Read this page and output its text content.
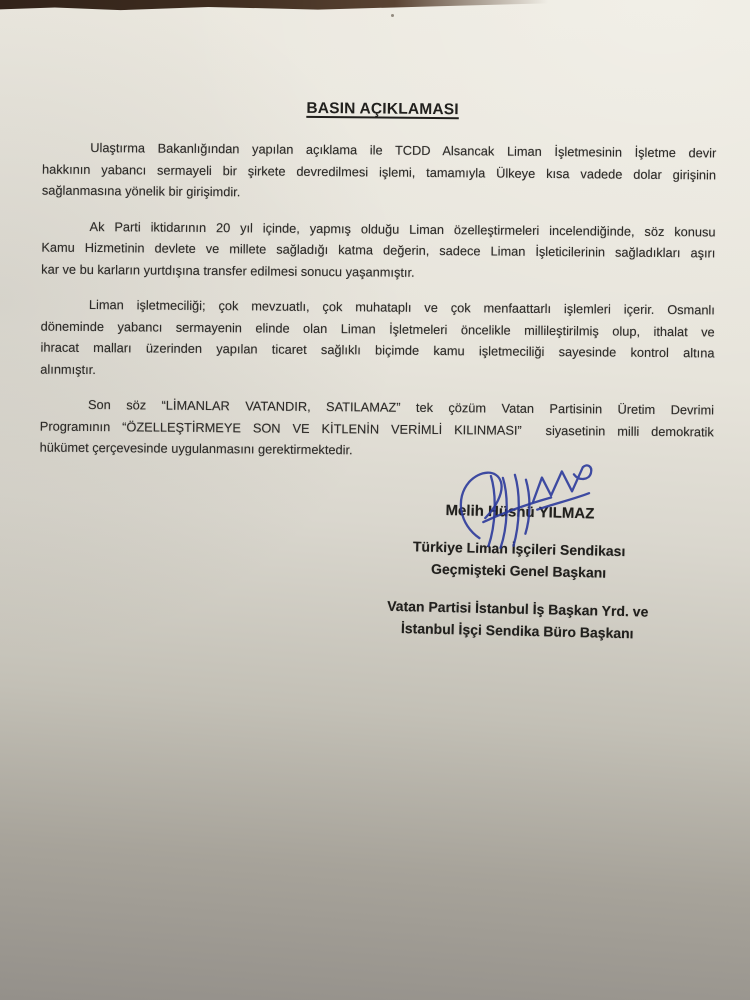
BASIN AÇIKLAMASI
Ulaştırma Bakanlığından yapılan açıklama ile TCDD Alsancak Liman İşletmesinin İşletme devir
hakkının yabancı sermayeli bir şirkete devredilmesi işlemi, tamamıyla Ülkeye kısa vadede dolar girişinin
sağlanmasına yönelik bir girişimdir.
Ak Parti iktidarının 20 yıl içinde, yapmış olduğu Liman özelleştirmeleri incelendiğinde, söz konusu
Kamu Hizmetinin devlete ve millete sağladığı katma değerin, sadece Liman İşleticilerinin sağladıkları aşırı
kar ve bu karların yurtdışına transfer edilmesi sonucu yaşanmıştır.
Liman işletmeciliği; çok mevzuatlı, çok muhataplı ve çok menfaattarlı işlemleri içerir. Osmanlı
döneminde yabancı sermayenin elinde olan Liman İşletmeleri öncelikle millileştirilmiş olup, ithalat ve
ihracat malları üzerinden yapılan ticaret sağlıklı biçimde kamu işletmeciliği sayesinde kontrol altına
alınmıştır.
Son söz “LİMANLAR VATANDIR, SATILAMAZ” tek çözüm Vatan Partisinin Üretim Devrimi
Programının “ÖZELLEŞTİRMEYE SON VE KİTLENİN VERİMLİ KILINMASI”  siyasetinin milli demokratik
hükümet çerçevesinde uygulanmasını gerektirmektedir.
Melih Hüsnü YILMAZ
Türkiye Liman İşçileri Sendikası
Geçmişteki Genel Başkanı
Vatan Partisi İstanbul İş Başkan Yrd. ve
İstanbul İşçi Sendika Büro Başkanı
